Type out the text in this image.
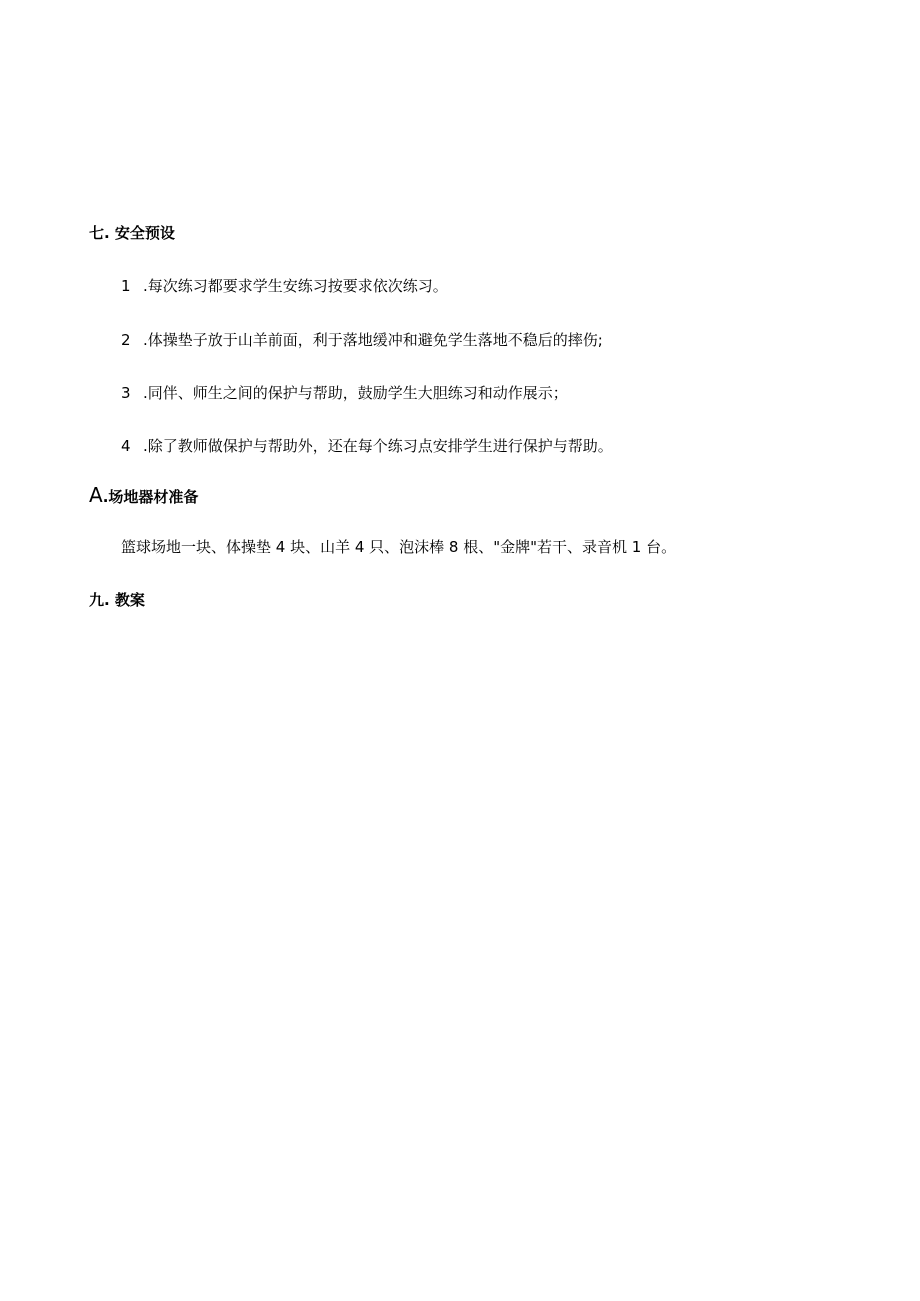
七. 安全预设
1 .每次练习都要求学生安练习按要求依次练习。
2 .体操垫子放于山羊前面，利于落地缓冲和避免学生落地不稳后的摔伤;
3 .同伴、师生之间的保护与帮助，鼓励学生大胆练习和动作展示；
4 .除了教师做保护与帮助外，还在每个练习点安排学生进行保护与帮助。
A.场地器材准备
篮球场地一块、体操垫 4 块、山羊 4 只、泡沫棒 8 根、"金牌"若干、录音机 1 台。
九. 教案
